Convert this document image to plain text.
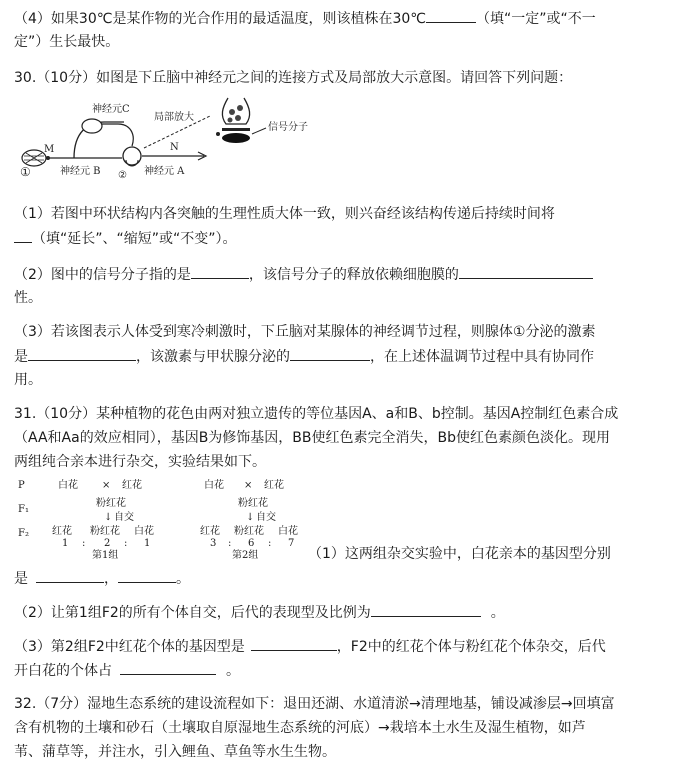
（4）如果30℃是某作物的光合作用的最适温度，则该植株在30℃	（填“一定”或“不一
定”）生长最快。
30.（10分）如图是下丘脑中神经元之间的连接方式及局部放大示意图。请回答下列问题：
神经元C
局部放大
M	N
①	②
神经元 B	神经元 A
信号分子
（1）若图中环状结构内各突触的生理性质大体一致，则兴奋经该结构传递后持续时间将
（填“延长”、“缩短”或“不变”）。
（2）图中的信号分子指的是	，该信号分子的释放依赖细胞膜的
性。
（3）若该图表示人体受到寒冷刺激时，下丘脑对某腺体的神经调节过程，则腺体①分泌的激素
是	，该激素与甲状腺分泌的	，在上述体温调节过程中具有协同作
用。
31.（10分）某种植物的花色由两对独立遗传的等位基因A、a和B、b控制。基因A控制红色素合成
（AA和Aa的效应相同），基因B为修饰基因，BB使红色素完全消失，Bb使红色素颜色淡化。现用
两组纯合亲本进行杂交，实验结果如下。
P
F₁
F₂
白花 × 红花
粉红花
↓ 自交
红花 粉红花 白花
1 : 2 : 1
第1组
白花 × 红花
粉红花
↓ 自交
红花 粉红花 白花
3 : 6 : 7
第2组	（1）这两组杂交实验中，白花亲本的基因型分别
是	，	。
（2）让第1组F2的所有个体自交，后代的表现型及比例为	。
（3）第2组F2中红花个体的基因型是	，F2中的红花个体与粉红花个体杂交，后代
开白花的个体占	。
32.（7分）湿地生态系统的建设流程如下：退田还湖、水道清淤→清理地基，铺设减渗层→回填富
含有机物的土壤和砂石（土壤取自原湿地生态系统的河底）→栽培本土水生及湿生植物，如芦
苇、蒲草等，并注水，引入鲤鱼、草鱼等水生生物。
